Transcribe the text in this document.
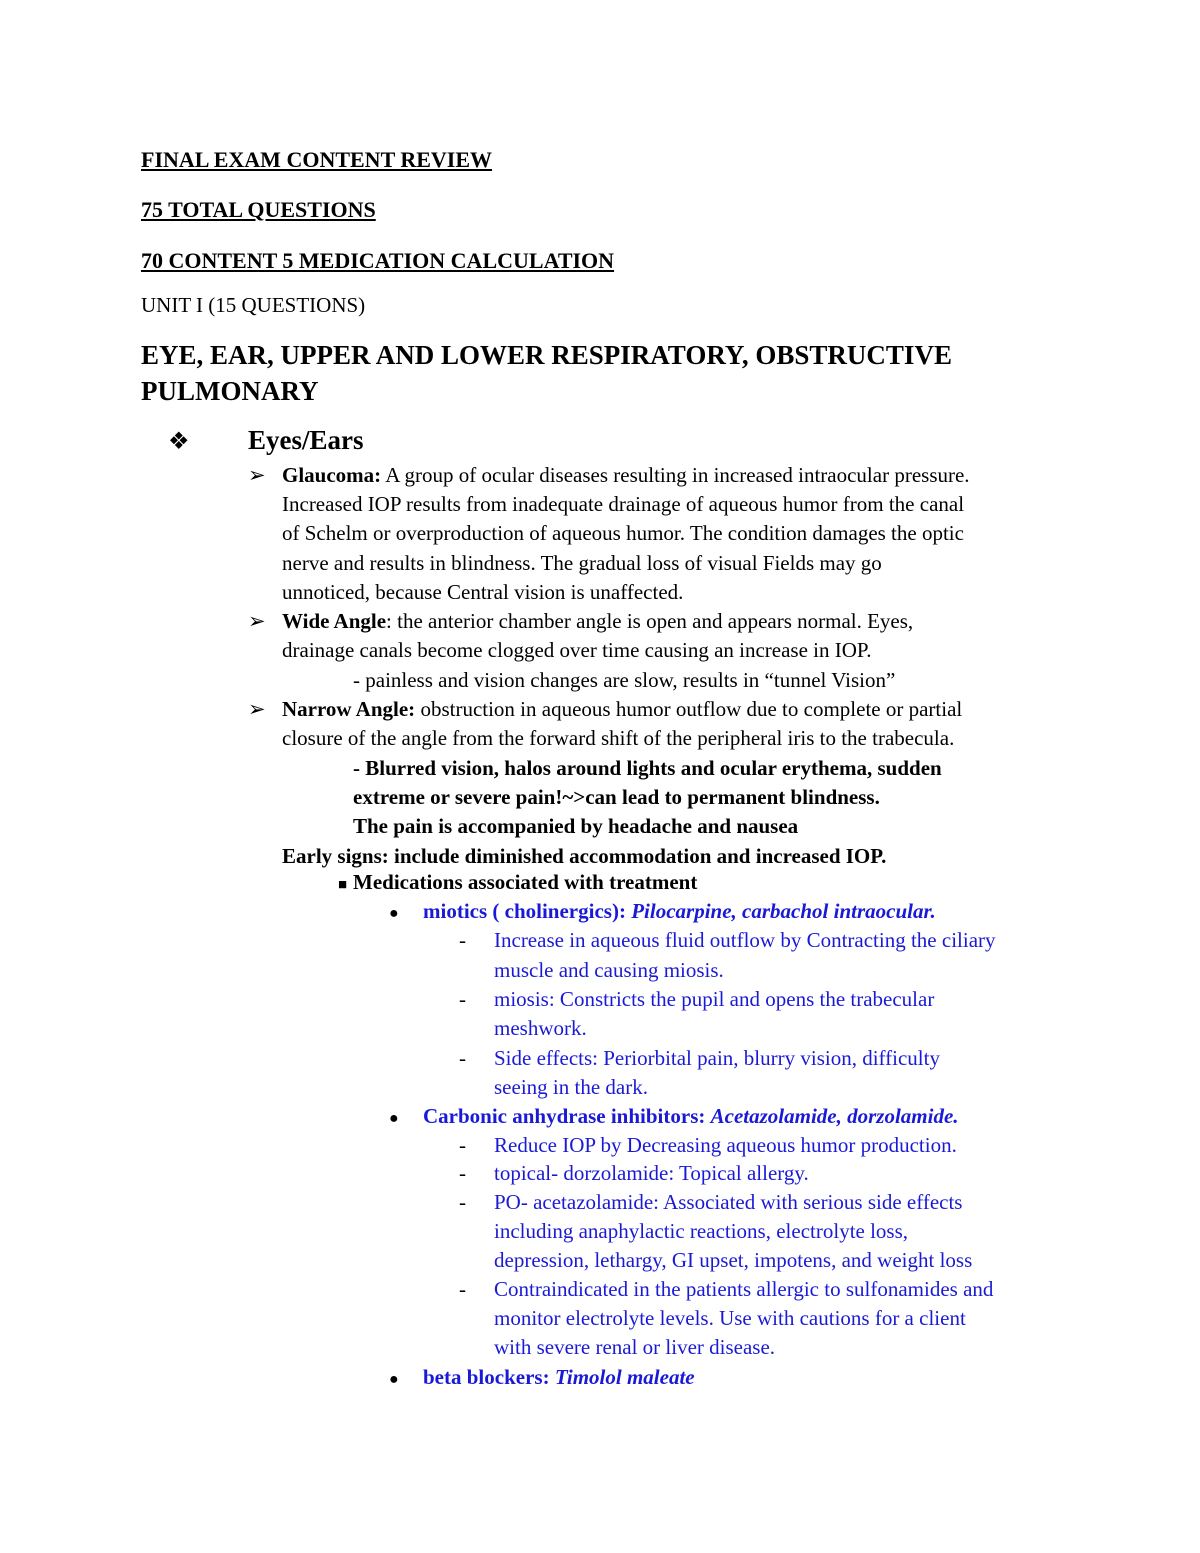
FINAL EXAM CONTENT REVIEW
75 TOTAL QUESTIONS
70 CONTENT 5 MEDICATION CALCULATION
UNIT I (15 QUESTIONS)
EYE, EAR, UPPER AND LOWER RESPIRATORY, OBSTRUCTIVE
PULMONARY
❖ Eyes/Ears
➢ Glaucoma: A group of ocular diseases resulting in increased intraocular pressure.
Increased IOP results from inadequate drainage of aqueous humor from the canal
of Schelm or overproduction of aqueous humor. The condition damages the optic
nerve and results in blindness. The gradual loss of visual Fields may go
unnoticed, because Central vision is unaffected.
➢ Wide Angle: the anterior chamber angle is open and appears normal. Eyes,
drainage canals become clogged over time causing an increase in IOP.
- painless and vision changes are slow, results in “tunnel Vision”
➢ Narrow Angle: obstruction in aqueous humor outflow due to complete or partial
closure of the angle from the forward shift of the peripheral iris to the trabecula.
- Blurred vision, halos around lights and ocular erythema, sudden
extreme or severe pain!~>can lead to permanent blindness.
The pain is accompanied by headache and nausea
Early signs: include diminished accommodation and increased IOP.
■ Medications associated with treatment
● miotics ( cholinergics): Pilocarpine, carbachol intraocular.
- Increase in aqueous fluid outflow by Contracting the ciliary
muscle and causing miosis.
- miosis: Constricts the pupil and opens the trabecular
meshwork.
- Side effects: Periorbital pain, blurry vision, difficulty
seeing in the dark.
● Carbonic anhydrase inhibitors: Acetazolamide, dorzolamide.
- Reduce IOP by Decreasing aqueous humor production.
- topical- dorzolamide: Topical allergy.
- PO- acetazolamide: Associated with serious side effects
including anaphylactic reactions, electrolyte loss,
depression, lethargy, GI upset, impotens, and weight loss
- Contraindicated in the patients allergic to sulfonamides and
monitor electrolyte levels. Use with cautions for a client
with severe renal or liver disease.
● beta blockers: Timolol maleate
